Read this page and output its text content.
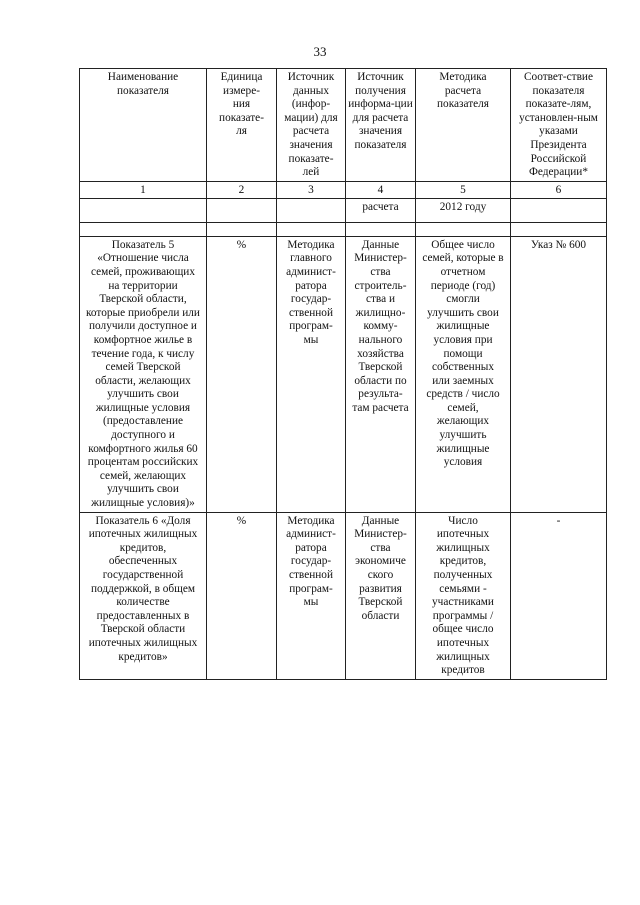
33
Наименование показателя	Единица измере-ния показате-ля	Источник данных (инфор-мации) для расчета значения показате-лей	Источник получения информа-ции для расчета значения показателя	Методика расчета показателя	Соответ-ствие показателя показате-лям, установлен-ным указами Президента Российской Федерации*
1	2	3	4	5	6
			расчета	2012 году	

Показатель 5 «Отношение числа семей, проживающих на территории Тверской области, которые приобрели или получили доступное и комфортное жилье в течение года, к числу семей Тверской области, желающих улучшить свои жилищные условия (предоставление доступного и комфортного жилья 60 процентам российских семей, желающих улучшить свои жилищные условия)»	%	Методика главного админист-ратора государ-ственной програм-мы	Данные Министер-ства строитель-ства и жилищно-комму-нального хозяйства Тверской области по результа-там расчета	Общее число семей, которые в отчетном периоде (год) смогли улучшить свои жилищные условия при помощи собственных или заемных средств / число семей, желающих улучшить жилищные условия	Указ № 600
Показатель 6 «Доля ипотечных жилищных кредитов, обеспеченных государственной поддержкой, в общем количестве предоставленных в Тверской области ипотечных жилищных кредитов»	%	Методика админист-ратора государ-ственной програм-мы	Данные Министер-ства экономиче ского развития Тверской области	Число ипотечных жилищных кредитов, полученных семьями - участниками программы / общее число ипотечных жилищных кредитов	-
